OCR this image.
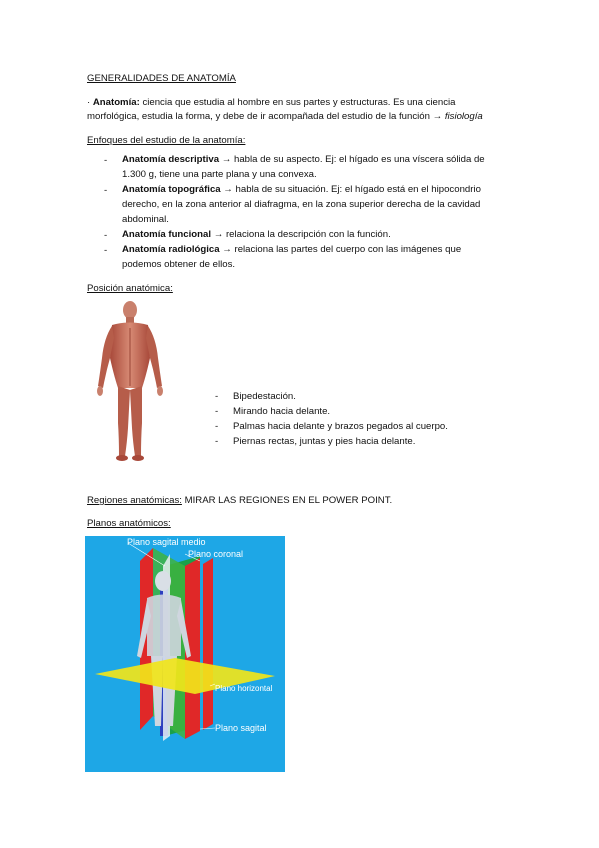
GENERALIDADES DE ANATOMÍA
· Anatomía: ciencia que estudia al hombre en sus partes y estructuras. Es una ciencia
morfológica, estudia la forma, y debe de ir acompañada del estudio de la función → fisiología
Enfoques del estudio de la anatomía:
- Anatomía descriptiva → habla de su aspecto. Ej: el hígado es una víscera sólida de
1.300 g, tiene una parte plana y una convexa.
- Anatomía topográfica → habla de su situación. Ej: el hígado está en el hipocondrio
derecho, en la zona anterior al diafragma, en la zona superior derecha de la cavidad
abdominal.
- Anatomía funcional → relaciona la descripción con la función.
- Anatomía radiológica → relaciona las partes del cuerpo con las imágenes que
podemos obtener de ellos.
Posición anatómica:
- Bipedestación.
- Mirando hacia delante.
- Palmas hacia delante y brazos pegados al cuerpo.
- Piernas rectas, juntas y pies hacia delante.
Regiones anatómicas: MIRAR LAS REGIONES EN EL POWER POINT.
Planos anatómicos:
Plano sagital medio
Plano coronal
Plano horizontal
Plano sagital
